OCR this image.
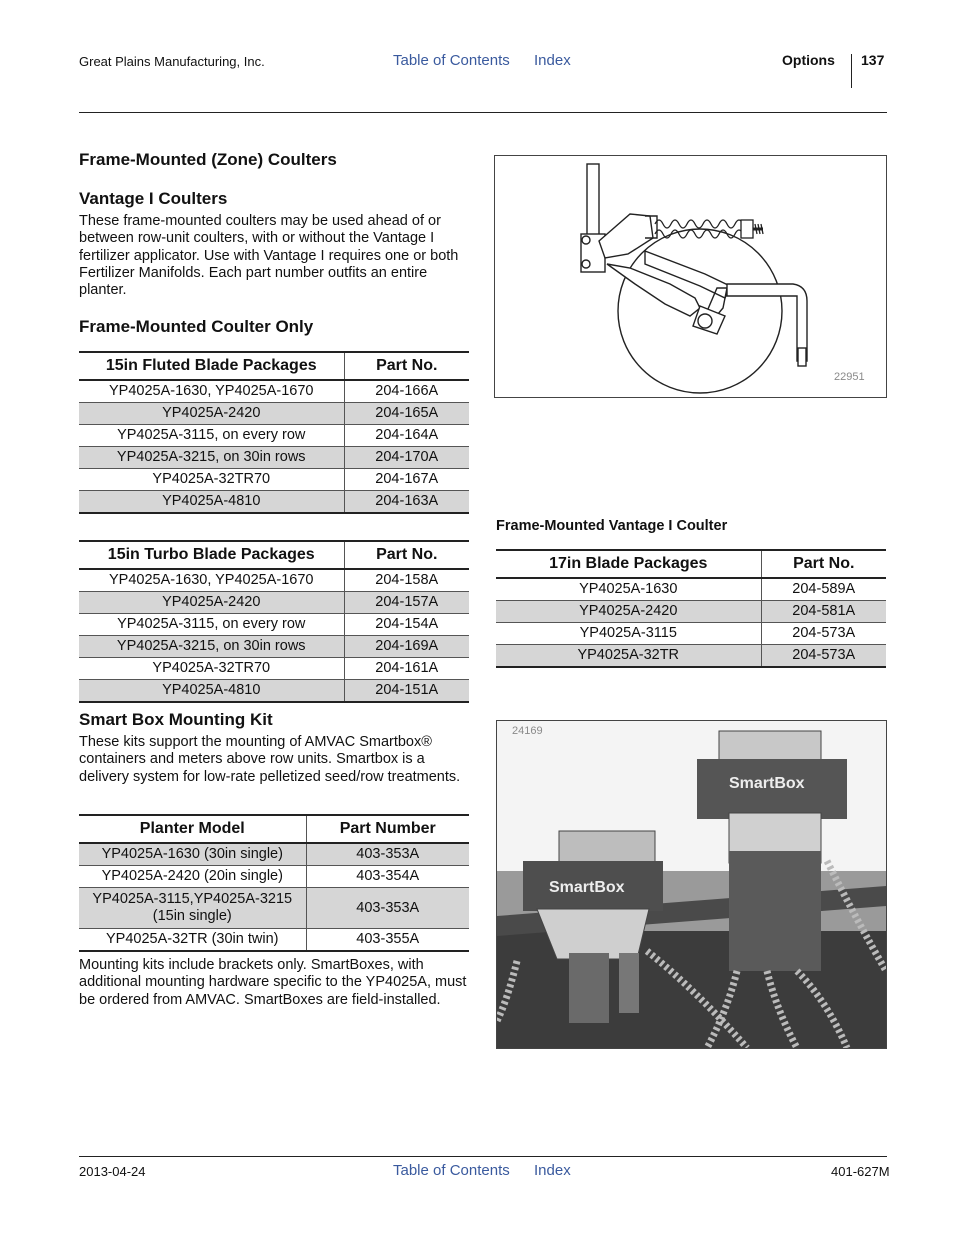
Great Plains Manufacturing, Inc.	Table of Contents Index	Options 137
Frame-Mounted (Zone) Coulters
Vantage I Coulters

These frame-mounted coulters may be used ahead of or between row-unit coulters, with or without the Vantage I fertilizer applicator. Use with Vantage I requires one or both Fertilizer Manifolds. Each part number outfits an entire planter.

Frame-Mounted Coulter Only
15in Fluted Blade Packages	Part No.
YP4025A-1630, YP4025A-1670	204-166A
YP4025A-2420	204-165A
YP4025A-3115, on every row	204-164A
YP4025A-3215, on 30in rows	204-170A
YP4025A-32TR70	204-167A
YP4025A-4810	204-163A
15in Turbo Blade Packages	Part No.
YP4025A-1630, YP4025A-1670	204-158A
YP4025A-2420	204-157A
YP4025A-3115, on every row	204-154A
YP4025A-3215, on 30in rows	204-169A
YP4025A-32TR70	204-161A
YP4025A-4810	204-151A
Smart Box Mounting Kit

These kits support the mounting of AMVAC Smartbox® containers and meters above row units. Smartbox is a delivery system for low-rate pelletized seed/row treatments.

Planter Model	Part Number
YP4025A-1630 (30in single)	403-353A
YP4025A-2420 (20in single)	403-354A
YP4025A-3115,YP4025A-3215 (15in single)	403-353A
YP4025A-32TR (30in twin)	403-355A

Mounting kits include brackets only. SmartBoxes, with additional mounting hardware specific to the YP4025A, must be ordered from AMVAC. SmartBoxes are field-installed.

22951
Frame-Mounted Vantage I Coulter
17in Blade Packages	Part No.
YP4025A-1630	204-589A
YP4025A-2420	204-581A
YP4025A-3115	204-573A
YP4025A-32TR	204-573A
SmartBox
SmartBox
24169
2013-04-24	Table of Contents Index	401-627M
